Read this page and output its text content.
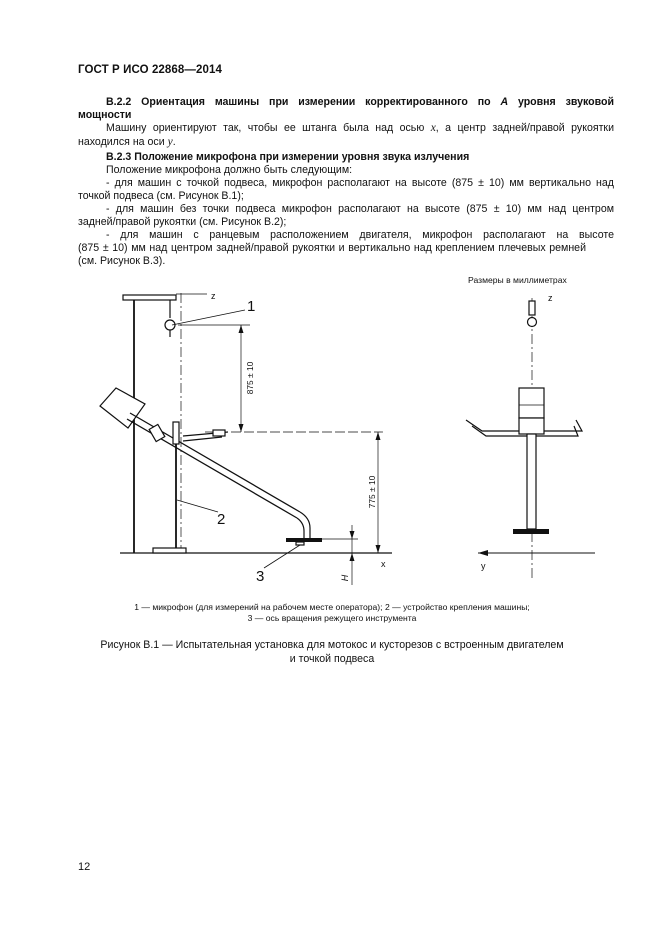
ГОСТ Р ИСО 22868—2014
В.2.2 Ориентация машины при измерении корректированного по A уровня звуковой
мощности
Машину ориентируют так, чтобы ее штанга была над осью x, а центр задней/правой рукоятки
находился на оси y.
В.2.3 Положение микрофона при измерении уровня звука излучения
Положение микрофона должно быть следующим:
- для машин с точкой подвеса, микрофон располагают на высоте (875 ± 10) мм вертикально над
точкой подвеса (см. Рисунок В.1);
- для машин без точки подвеса микрофон располагают на высоте (875 ± 10) мм над центром
задней/правой рукоятки (см. Рисунок В.2);
- для машин с ранцевым расположением двигателя, микрофон располагают на высоте
(875 ± 10) мм над центром задней/правой рукоятки и вертикально над креплением плечевых ремней
(см. Рисунок В.3).
Размеры в миллиметрах
z
1
2
3
x
875 ± 10
775 ± 10
H
z
y
1 — микрофон (для измерений на рабочем месте оператора); 2 — устройство крепления машины;
3 — ось вращения режущего инструмента
Рисунок В.1 — Испытательная установка для мотокос и кусторезов с встроенным двигателем
и точкой подвеса
12
